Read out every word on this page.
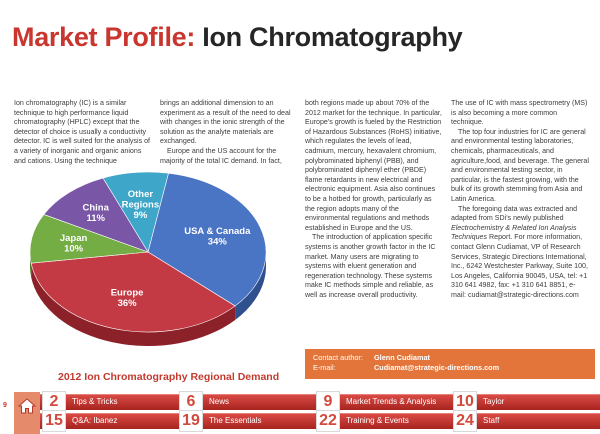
Market Profile: Ion Chromatography

Ion chromatography (IC) is a similar technique to high performance liquid chromatography (HPLC) except that the detector of choice is usually a conductivity detector. IC is well suited for the analysis of a variety of inorganic and organic anions and cations. Using the technique

brings an additional dimension to an experiment as a result of the need to deal with changes in the ionic strength of the solution as the analyte materials are exchanged.

Europe and the US account for the majority of the total IC demand. In fact,

both regions made up about 70% of the 2012 market for the technique. In particular, Europe's growth is fueled by the Restriction of Hazardous Substances (RoHS) initiative, which regulates the levels of lead, cadmium, mercury, hexavalent chromium, polybrominated biphenyl (PBB), and polybrominated diphenyl ether (PBDE) flame retardants in new electrical and electronic equipment. Asia also continues to be a hotbed for growth, particularly as the region adopts many of the environmental regulations and methods established in Europe and the US.

The introduction of application specific systems is another growth factor in the IC market. Many users are migrating to systems with eluent generation and regeneration technology. These systems make IC methods simple and reliable, as well as increase overall productivity.

The use of IC with mass spectrometry (MS) is also becoming a more common technique.

The top four industries for IC are general and environmental testing laboratories, chemicals, pharmaceuticals, and agriculture,food, and beverage. The general and environmental testing sector, in particular, is the fastest growing, with the bulk of its growth stemming from Asia and Latin America.

The foregoing data was extracted and adapted from SDi's newly published Electrochemistry & Related Ion Analysis Techniques Report. For more information, contact Glenn Cudiamat, VP of Research Services, Strategic Directions International, Inc., 6242 Westchester Parkway, Suite 100, Los Angeles, California 90045, USA, tel: +1 310 641 4982, fax: +1 310 641 8851, e-mail: cudiamat@strategic-directions.com

USA & Canada 34%
Europe 36%
Japan 10%
China 11%
Other Regions 9%
2012 Ion Chromatography Regional Demand
Contact author:	Glenn Cudiamat
E-mail:	Cudiamat@strategic-directions.com
9	2	Tips & Tricks	6	News	9	Market Trends & Analysis 10	Taylor
15	Q&A: Ibanez	19	The Essentials	22	Training & Events	24	Staff
